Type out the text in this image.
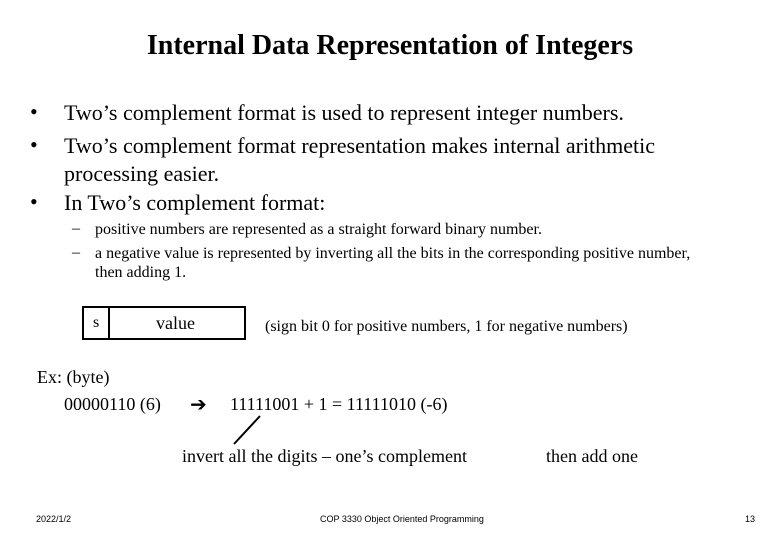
Internal Data Representation of Integers
• Two’s complement format is used to represent integer numbers.
• Two’s complement format representation makes internal arithmetic processing easier.
• In Two’s complement format:
– positive numbers are represented as a straight forward binary number.
– a negative value is represented by inverting all the bits in the corresponding positive number, then adding 1.
s	value	(sign bit 0 for positive numbers, 1 for negative numbers)
Ex: (byte)
00000110 (6) ➔ 11111001 + 1 = 11111010 (-6)
invert all the digits – one’s complement	then add one
2022/1/2	COP 3330 Object Oriented Programming	13
